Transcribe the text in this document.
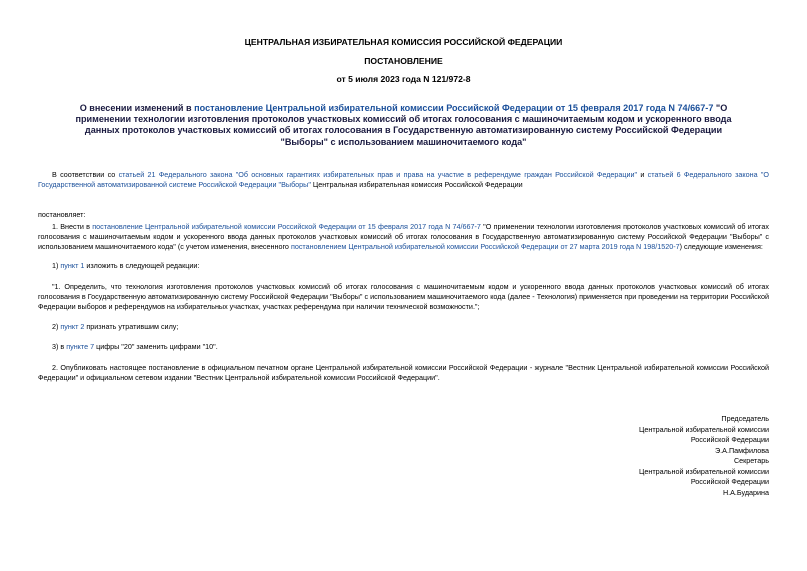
ЦЕНТРАЛЬНАЯ ИЗБИРАТЕЛЬНАЯ КОМИССИЯ РОССИЙСКОЙ ФЕДЕРАЦИИ
ПОСТАНОВЛЕНИЕ
от 5 июля 2023 года N 121/972-8
О внесении изменений в постановление Центральной избирательной комиссии Российской Федерации от 15 февраля 2017 года N 74/667-7 "О применении технологии изготовления протоколов участковых комиссий об итогах голосования с машиночитаемым кодом и ускоренного ввода данных протоколов участковых комиссий об итогах голосования в Государственную автоматизированную систему Российской Федерации "Выборы" с использованием машиночитаемого кода"
В соответствии со статьей 21 Федерального закона "Об основных гарантиях избирательных прав и права на участие в референдуме граждан Российской Федерации" и статьей 6 Федерального закона "О Государственной автоматизированной системе Российской Федерации "Выборы" Центральная избирательная комиссия Российской Федерации
постановляет:
1. Внести в постановление Центральной избирательной комиссии Российской Федерации от 15 февраля 2017 года N 74/667-7 "О применении технологии изготовления протоколов участковых комиссий об итогах голосования с машиночитаемым кодом и ускоренного ввода данных протоколов участковых комиссий об итогах голосования в Государственную автоматизированную систему Российской Федерации "Выборы" с использованием машиночитаемого кода" (с учетом изменения, внесенного постановлением Центральной избирательной комиссии Российской Федерации от 27 марта 2019 года N 198/1520-7) следующие изменения:
1) пункт 1 изложить в следующей редакции:
"1. Определить, что технология изготовления протоколов участковых комиссий об итогах голосования с машиночитаемым кодом и ускоренного ввода данных протоколов участковых комиссий об итогах голосования в Государственную автоматизированную систему Российской Федерации "Выборы" с использованием машиночитаемого кода (далее - Технология) применяется при проведении на территории Российской Федерации выборов и референдумов на избирательных участках, участках референдума при наличии технической возможности.";
2) пункт 2 признать утратившим силу;
3) в пункте 7 цифры "20" заменить цифрами "10".
2. Опубликовать настоящее постановление в официальном печатном органе Центральной избирательной комиссии Российской Федерации - журнале "Вестник Центральной избирательной комиссии Российской Федерации" и официальном сетевом издании "Вестник Центральной избирательной комиссии Российской Федерации".
Председатель
Центральной избирательной комиссии
Российской Федерации
Э.А.Памфилова
Секретарь
Центральной избирательной комиссии
Российской Федерации
Н.А.Бударина
